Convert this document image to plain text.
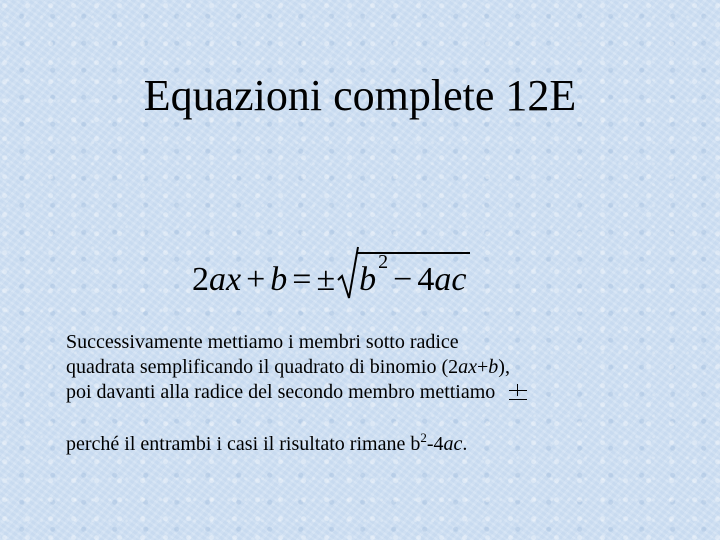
Equazioni complete 12E
2 ax + b = ± b 2 − 4 ac
Successivamente mettiamo i membri sotto radice
quadrata semplificando il quadrato di binomio (2ax+b),
poi davanti alla radice del secondo membro mettiamo
perché il entrambi i casi il risultato rimane $b^2-4ac$.
